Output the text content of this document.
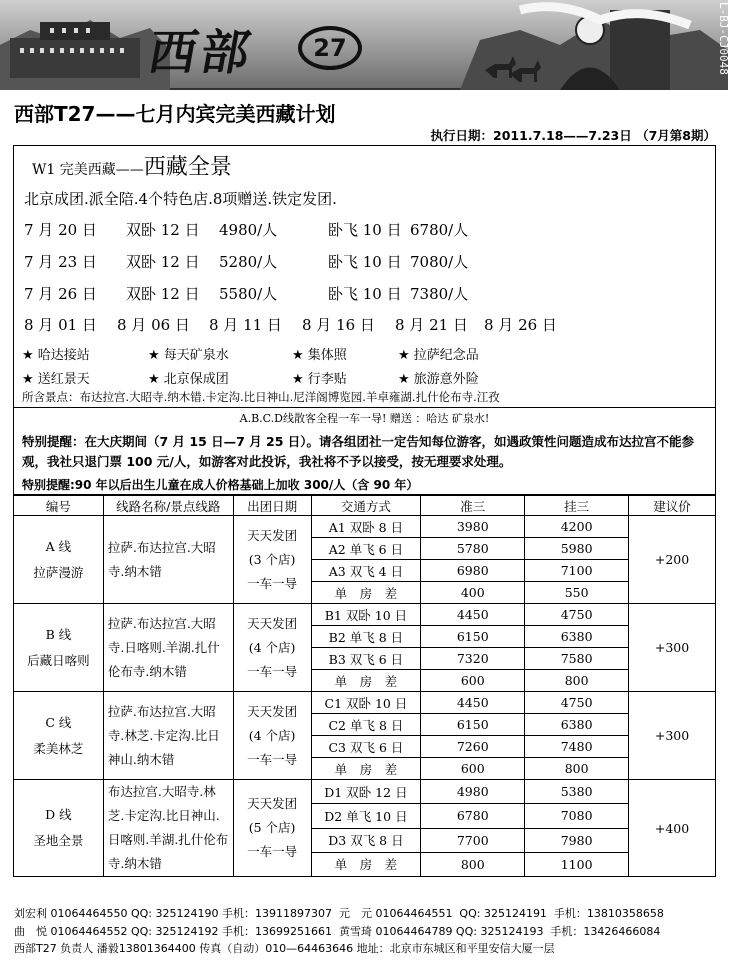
西部	27	L-BJ-CJ0048
西部T27——七月内宾完美西藏计划
执行日期：2011.7.18——7.23日 （7月第8期）
W1 完美西藏——西藏全景
北京成团.派全陪.4个特色店.8项赠送.铁定发团.
7 月 20 日 双卧 12 日 4980/人	卧飞 10 日 6780/人
7 月 23 日 双卧 12 日 5280/人	卧飞 10 日 7080/人
7 月 26 日 双卧 12 日 5580/人	卧飞 10 日 7380/人
8 月 01 日 8 月 06 日 8 月 11 日 8 月 16 日 8 月 21 日 8 月 26 日
★ 哈达接站	★ 每天矿泉水	★ 集体照	★ 拉萨纪念品
★ 送红景天	★ 北京保成团	★ 行李贴	★ 旅游意外险
所含景点：布达拉宫.大昭寺.纳木错.卡定沟.比日神山.尼洋阁博览园.羊卓雍湖.扎什伦布寺.江孜
A.B.C.D线散客全程一车一导! 赠送 ：哈达 矿泉水!
特别提醒：在大庆期间（7 月 15 日—7 月 25 日）。请各组团社一定告知每位游客，如遇政策性问题造成布达拉宫不能参观，我社只退门票 100 元/人，如游客对此投诉，我社将不予以接受，按无理要求处理。
特别提醒:90 年以后出生儿童在成人价格基础上加收 300/人（含 90 年）
编号	线路名称/景点线路	出团日期	交通方式	准三	挂三	建议价
A 线
拉萨漫游	拉萨.布达拉宫.大昭寺.纳木错	天天发团
(3 个店)
一车一导	A1 双卧 8 日	3980	4200	+200
			A2 单飞 6 日	5780	5980	
			A3 双飞 4 日	6980	7100	
			单　房　差	400	550	
B 线
后藏日喀则	拉萨.布达拉宫.大昭寺.日喀则.羊湖.扎什伦布寺.纳木错	天天发团
(4 个店)
一车一导	B1 双卧 10 日	4450	4750	+300
			B2 单飞 8 日	6150	6380	
			B3 双飞 6 日	7320	7580	
			单　房　差	600	800	
C 线
柔美林芝	拉萨.布达拉宫.大昭寺.林芝.卡定沟.比日神山.纳木错	天天发团
(4 个店)
一车一导	C1 双卧 10 日	4450	4750	+300
			C2 单飞 8 日	6150	6380	
			C3 双飞 6 日	7260	7480	
			单　房　差	600	800	
D 线
圣地全景	布达拉宫.大昭寺.林芝.卡定沟.比日神山.日喀则.羊湖.扎什伦布寺.纳木错	天天发团
(5 个店)
一车一导	D1 双卧 12 日	4980	5380	+400
			D2 单飞 10 日	6780	7080	
			D3 双飞 8 日	7700	7980	
			单　房　差	800	1100	
刘宏利 01064464550 QQ: 325124190 手机：13911897307  元　元 01064464551  QQ: 325124191  手机：13810358658
曲　悦 01064464552 QQ: 325124192 手机：13699251661  黄雪琦 01064464789 QQ: 325124193  手机：13426466084
西部T27 负责人 潘毅13801364400 传真（自动）010—64463646 地址：北京市东城区和平里安信大厦一层
